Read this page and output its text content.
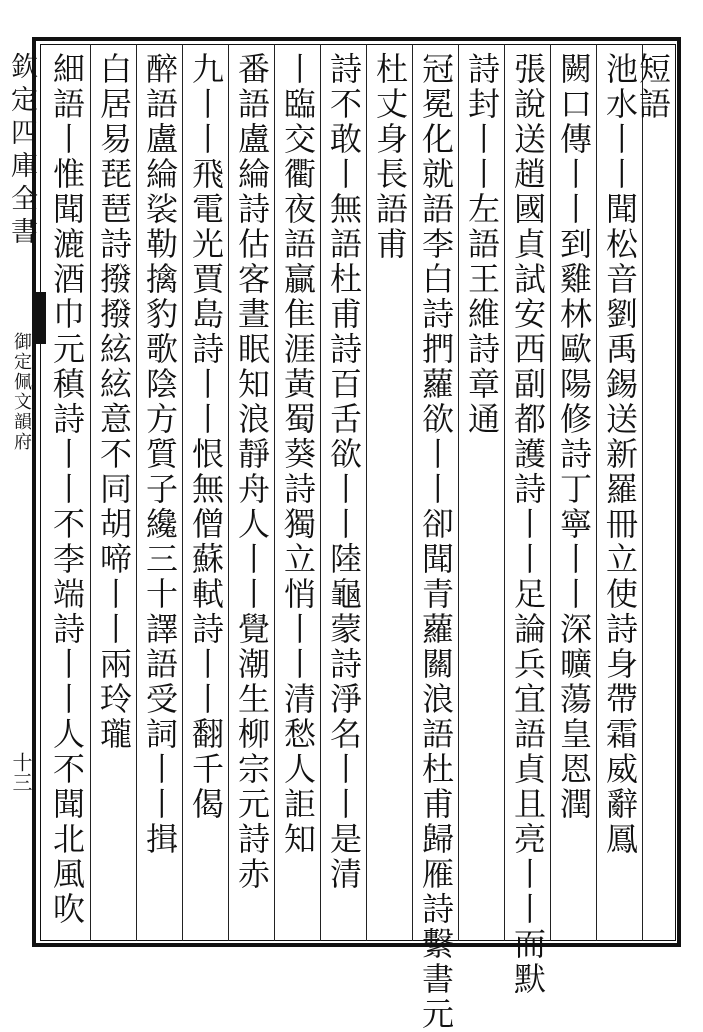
欽定四庫全書
御定佩文韻府
十三
短語
池水丨丨聞松音劉禹錫送新羅冊立使詩身帶霜威辭鳳
闕口傳丨丨到雞林歐陽修詩丁寧丨丨深曠蕩皇恩潤
張說送趙國貞試安西副都護詩丨丨足論兵宜語貞且亮丨丨而默
詩封丨丨左語王維詩章通
冠冕化就語李白詩捫蘿欲丨丨卻聞青蘿關浪語杜甫歸雁詩繫書元
杜丈身長語甫
詩不敢丨無語杜甫詩百舌欲丨丨陸龜蒙詩淨名丨丨是清
丨臨交衢夜語贏隹涯黃蜀葵詩獨立悄丨丨清愁人詎知
番語盧綸詩估客晝眠知浪靜舟人丨丨覺潮生柳宗元詩赤
九丨丨飛電光賈島詩丨丨恨無僧蘇軾詩丨丨翻千偈
醉語盧綸裟勒擒豹歌陰方質子纔三十譯語受詞丨丨揖
白居易琵琶詩撥撥絃絃意不同胡啼丨丨兩玲瓏
細語丨惟聞漉酒巾元稹詩丨丨不李端詩丨丨人不聞北風吹
